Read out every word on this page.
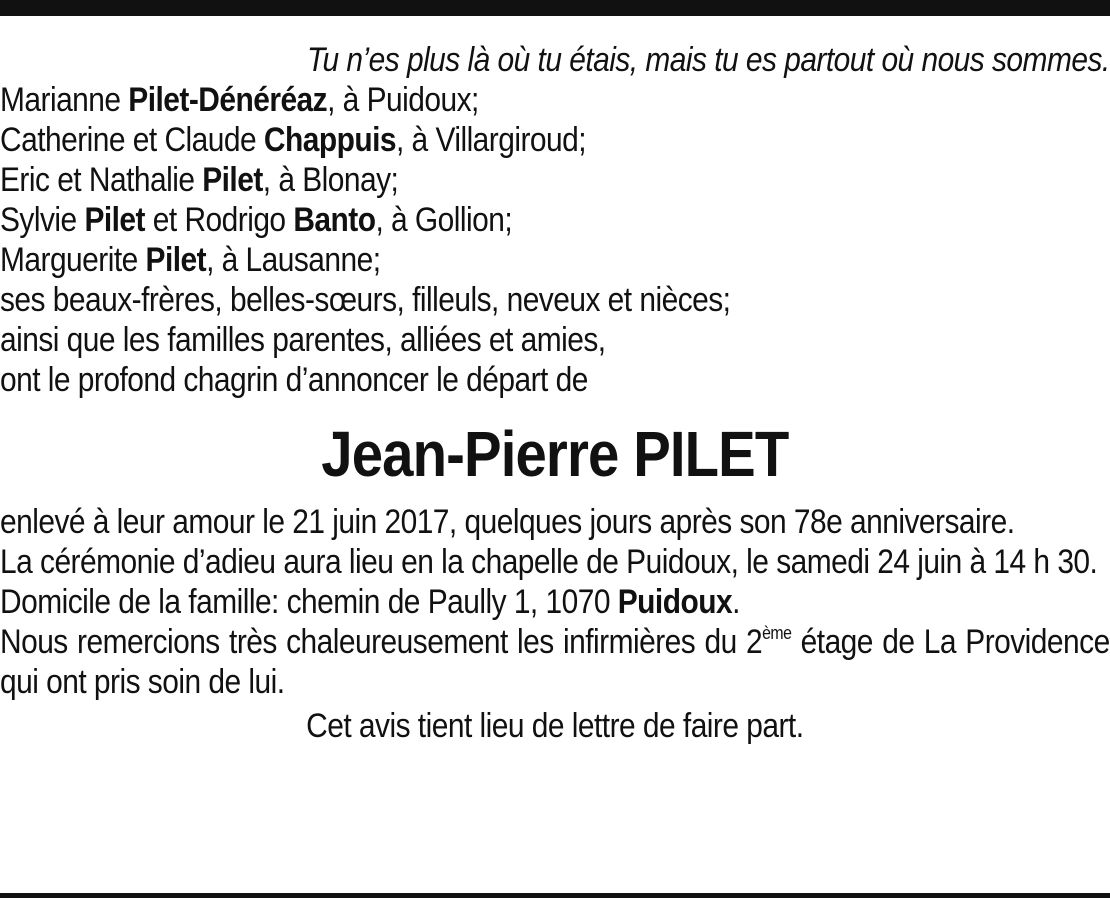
Tu n’es plus là où tu étais, mais tu es partout où nous sommes.
Marianne Pilet-Dénéréaz, à Puidoux;
Catherine et Claude Chappuis, à Villargiroud;
Eric et Nathalie Pilet, à Blonay;
Sylvie Pilet et Rodrigo Banto, à Gollion;
Marguerite Pilet, à Lausanne;
ses beaux-frères, belles-sœurs, filleuls, neveux et nièces;
ainsi que les familles parentes, alliées et amies,
ont le profond chagrin d’annoncer le départ de
Jean-Pierre PILET
enlevé à leur amour le 21 juin 2017, quelques jours après son 78e anniversaire.
La cérémonie d’adieu aura lieu en la chapelle de Puidoux, le samedi 24 juin à 14 h 30.
Domicile de la famille: chemin de Paully 1, 1070 Puidoux.
Nous remercions très chaleureusement les infirmières du 2ème étage de La Providence qui ont pris soin de lui.
Cet avis tient lieu de lettre de faire part.
